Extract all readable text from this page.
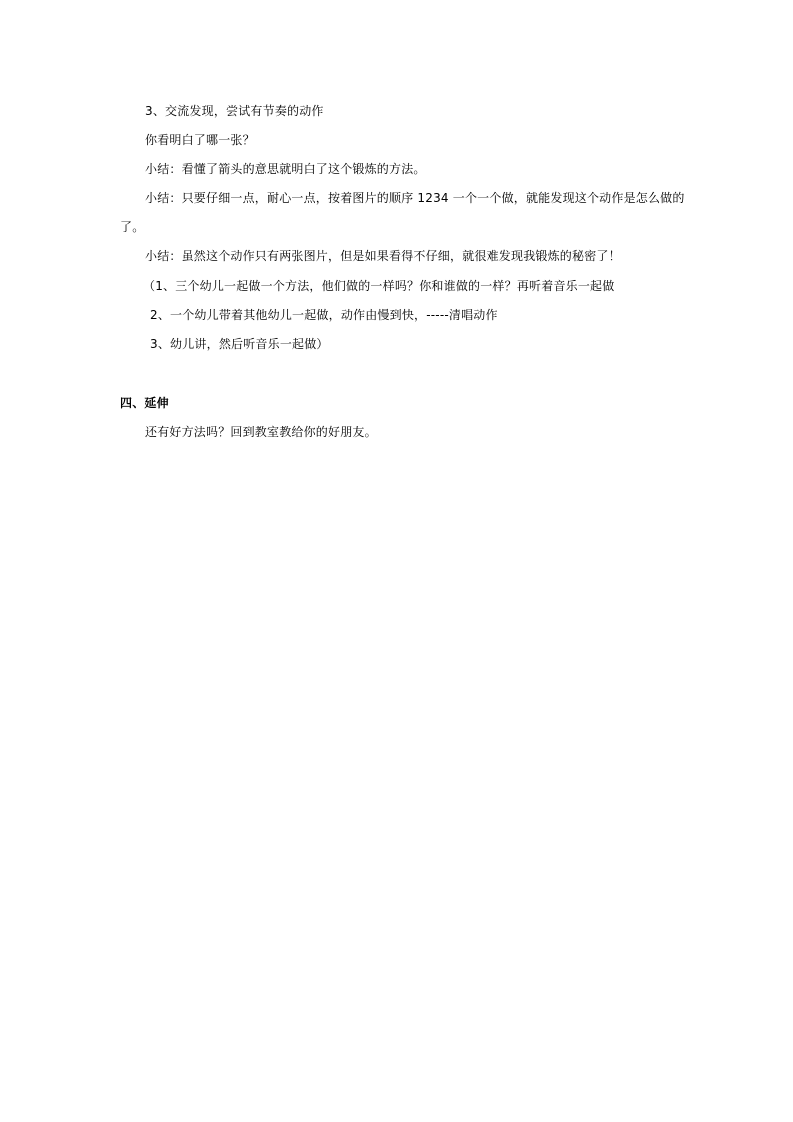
3、交流发现，尝试有节奏的动作
你看明白了哪一张？
小结：看懂了箭头的意思就明白了这个锻炼的方法。
小结：只要仔细一点，耐心一点，按着图片的顺序 1234 一个一个做，就能发现这个动作是怎么做的
了。
小结：虽然这个动作只有两张图片，但是如果看得不仔细，就很难发现我锻炼的秘密了！
（1、三个幼儿一起做一个方法，他们做的一样吗？你和谁做的一样？再听着音乐一起做
2、一个幼儿带着其他幼儿一起做，动作由慢到快，-----清唱动作
3、幼儿讲，然后听音乐一起做）
四、延伸
还有好方法吗？回到教室教给你的好朋友。
